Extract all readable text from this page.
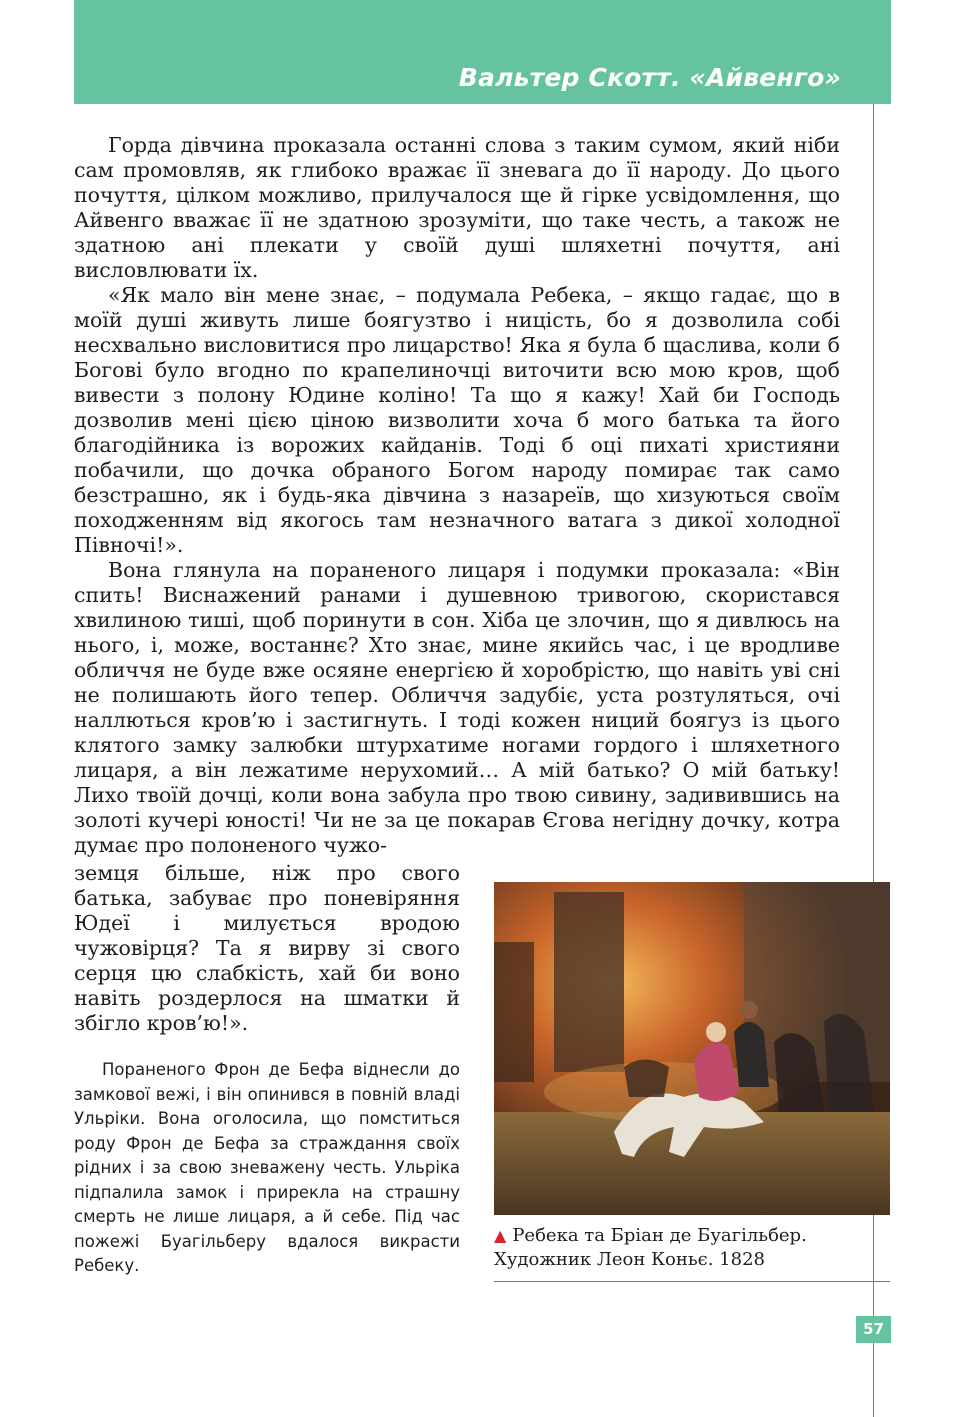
Вальтер Скотт. «Айвенго»

Горда дівчина проказала останні слова з таким сумом, який ніби сам промовляв, як глибоко вражає її зневага до її народу. До цього почуття, цілком можливо, прилучалося ще й гірке усвідомлення, що Айвенго вважає її не здатною зрозуміти, що таке честь, а також не здатною ані плекати у своїй душі шляхетні почуття, ані висловлювати їх.

«Як мало він мене знає, – подумала Ребека, – якщо гадає, що в моїй душі живуть лише боягузтво і ницість, бо я дозволила собі несхвально висловитися про лицарство! Яка я була б щаслива, коли б Богові було вгодно по крапелиночці виточити всю мою кров, щоб вивести з полону Юдине коліно! Та що я кажу! Хай би Господь дозволив мені цією ціною визволити хоча б мого батька та його благодійника із ворожих кайданів. Тоді б оці пихаті християни побачили, що дочка обраного Богом народу помирає так само безстрашно, як і будь-яка дівчина з назареїв, що хизуються своїм походженням від якогось там незначного ватага з дикої холодної Півночі!».

Вона глянула на пораненого лицаря і подумки проказала: «Він спить! Виснажений ранами і душевною тривогою, скористався хвилиною тиші, щоб поринути в сон. Хіба це злочин, що я дивлюсь на нього, і, може, востаннє? Хто знає, мине якийсь час, і це вродливе обличчя не буде вже осяяне енергією й хоробрістю, що навіть уві сні не полишають його тепер. Обличчя задубіє, уста розтуляться, очі наллються кров’ю і застигнуть. І тоді кожен ниций боягуз із цього клятого замку залюбки штурхатиме ногами гордого і шляхетного лицаря, а він лежатиме нерухомий… А мій батько? О мій батьку! Лихо твоїй дочці, коли вона забула про твою сивину, задивившись на золоті кучері юності! Чи не за це покарав Єгова негідну дочку, котра думає про полоненого чужо-

земця більше, ніж про свого батька, забуває про поневіряння Юдеї і милується вродою чужовірця? Та я вирву зі свого серця цю слабкість, хай би воно навіть роздерлося на шматки й збігло кров’ю!».

Пораненого Фрон де Бефа віднесли до замкової вежі, і він опинився в повній владі Ульріки. Вона оголосила, що помститься роду Фрон де Бефа за страждання своїх рідних і за свою зневажену честь. Ульріка підпалила замок і прирекла на страшну смерть не лише лицаря, а й себе. Під час пожежі Буагільберу вдалося викрасти Ребеку.

▲ Ребека та Бріан де Буагільбер.
Художник Леон Коньє. 1828
57
